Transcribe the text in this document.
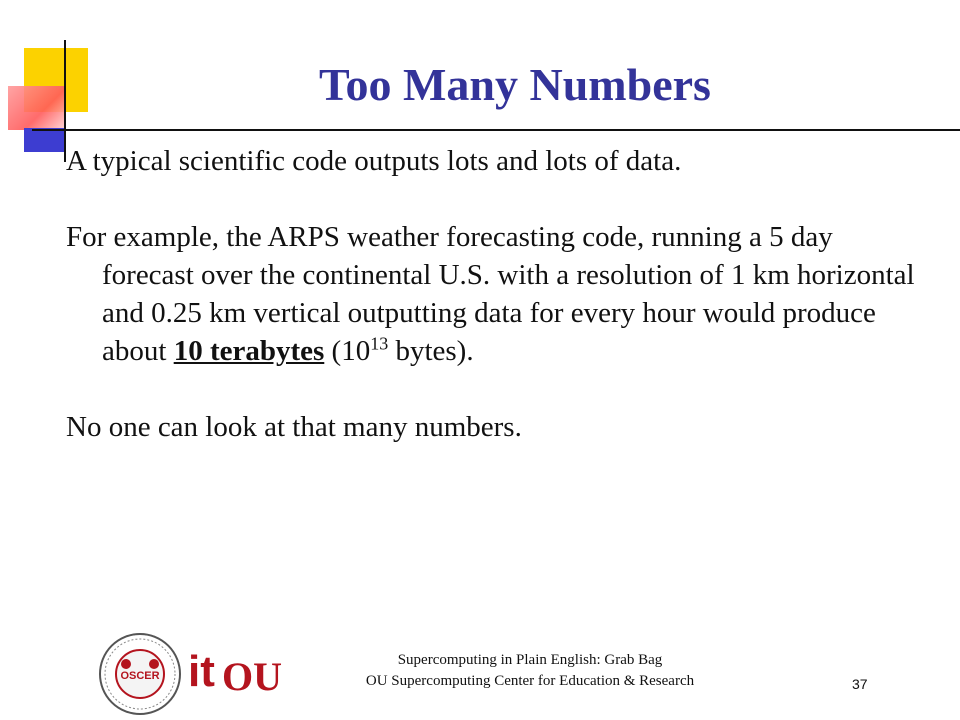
Too Many Numbers

A typical scientific code outputs lots and lots of data.

For example, the ARPS weather forecasting code, running a 5 day forecast over the continental U.S. with a resolution of 1 km horizontal and 0.25 km vertical outputting data for every hour would produce about 10 terabytes ($10^{13}$ bytes).

No one can look at that many numbers.

OSCER it OU	Supercomputing in Plain English: Grab Bag
OU Supercomputing Center for Education & Research	37
